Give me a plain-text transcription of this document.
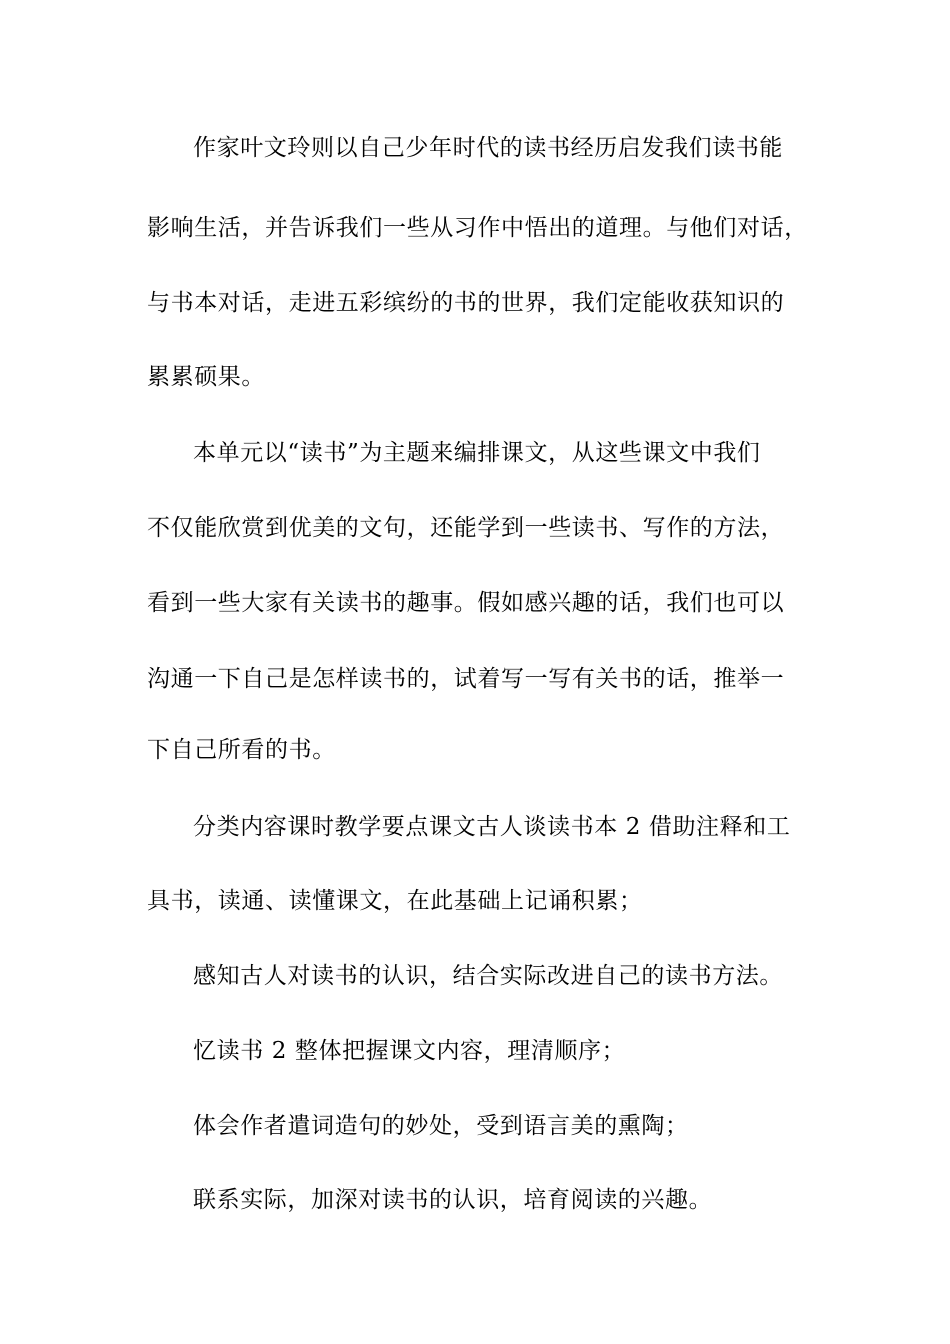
作家叶文玲则以自己少年时代的读书经历启发我们读书能
影响生活，并告诉我们一些从习作中悟出的道理。与他们对话，
与书本对话，走进五彩缤纷的书的世界，我们定能收获知识的
累累硕果。
本单元以“读书”为主题来编排课文，从这些课文中我们
不仅能欣赏到优美的文句，还能学到一些读书、写作的方法，
看到一些大家有关读书的趣事。假如感兴趣的话，我们也可以
沟通一下自己是怎样读书的，试着写一写有关书的话，推举一
下自己所看的书。
分类内容课时教学要点课文古人谈读书本 2 借助注释和工
具书，读通、读懂课文，在此基础上记诵积累；
感知古人对读书的认识，结合实际改进自己的读书方法。
忆读书 2 整体把握课文内容，理清顺序；
体会作者遣词造句的妙处，受到语言美的熏陶；
联系实际，加深对读书的认识，培育阅读的兴趣。
